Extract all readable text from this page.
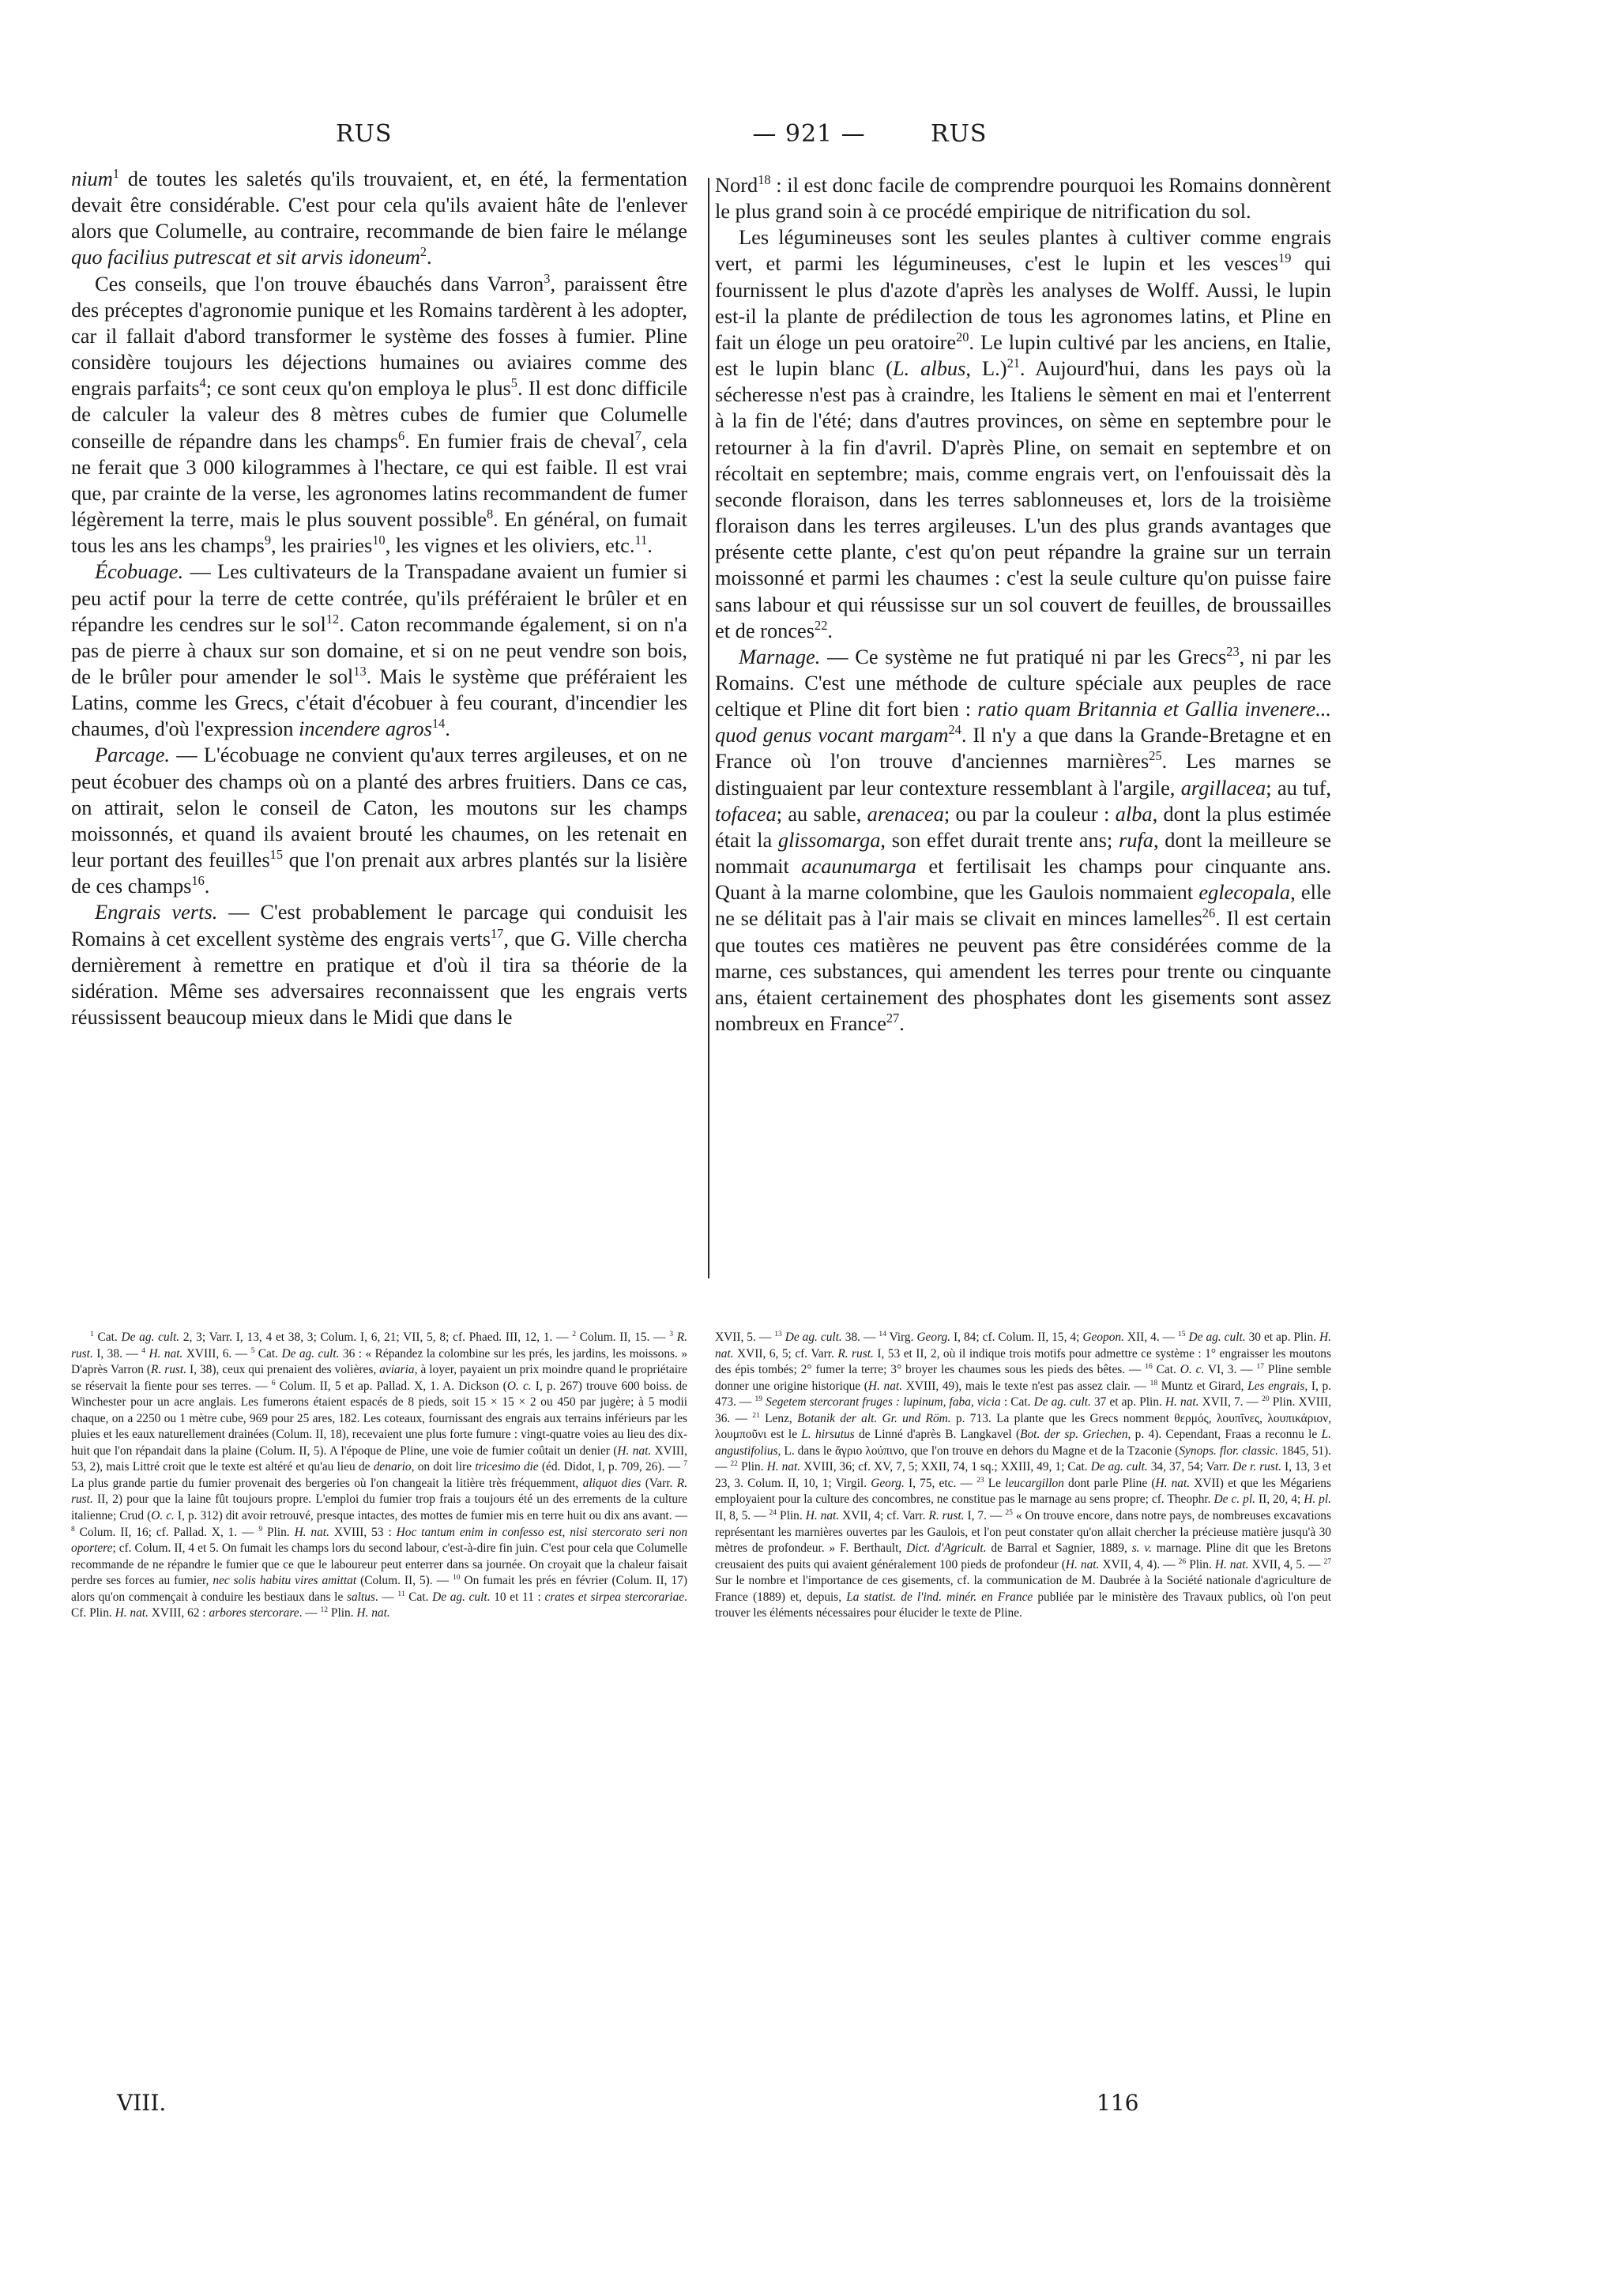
RUS	— 921 —	RUS

nium$^1$ de toutes les saletés qu'ils trouvaient, et, en été, la fermentation devait être considérable. C'est pour cela qu'ils avaient hâte de l'enlever alors que Columelle, au contraire, recommande de bien faire le mélange quo facilius putrescat et sit arvis idoneum$^2$.

Ces conseils, que l'on trouve ébauchés dans Varron$^3$, paraissent être des préceptes d'agronomie punique et les Romains tardèrent à les adopter, car il fallait d'abord transformer le système des fosses à fumier. Pline considère toujours les déjections humaines ou aviaires comme des engrais parfaits$^4$; ce sont ceux qu'on employa le plus$^5$. Il est donc difficile de calculer la valeur des 8 mètres cubes de fumier que Columelle conseille de répandre dans les champs$^6$. En fumier frais de cheval$^7$, cela ne ferait que 3 000 kilogrammes à l'hectare, ce qui est faible. Il est vrai que, par crainte de la verse, les agronomes latins recommandent de fumer légèrement la terre, mais le plus souvent possible$^8$. En général, on fumait tous les ans les champs$^9$, les prairies$^{10}$, les vignes et les oliviers, etc.$^{11}$.

Écobuage. — Les cultivateurs de la Transpadane avaient un fumier si peu actif pour la terre de cette contrée, qu'ils préféraient le brûler et en répandre les cendres sur le sol$^{12}$. Caton recommande également, si on n'a pas de pierre à chaux sur son domaine, et si on ne peut vendre son bois, de le brûler pour amender le sol$^{13}$. Mais le système que préféraient les Latins, comme les Grecs, c'était d'écobuer à feu courant, d'incendier les chaumes, d'où l'expression incendere agros$^{14}$.

Parcage. — L'écobuage ne convient qu'aux terres argileuses, et on ne peut écobuer des champs où on a planté des arbres fruitiers. Dans ce cas, on attirait, selon le conseil de Caton, les moutons sur les champs moissonnés, et quand ils avaient brouté les chaumes, on les retenait en leur portant des feuilles$^{15}$ que l'on prenait aux arbres plantés sur la lisière de ces champs$^{16}$.

Engrais verts. — C'est probablement le parcage qui conduisit les Romains à cet excellent système des engrais verts$^{17}$, que G. Ville chercha dernièrement à remettre en pratique et d'où il tira sa théorie de la sidération. Même ses adversaires reconnaissent que les engrais verts réussissent beaucoup mieux dans le Midi que dans le

Nord$^{18}$ : il est donc facile de comprendre pourquoi les Romains donnèrent le plus grand soin à ce procédé empirique de nitrification du sol.

Les légumineuses sont les seules plantes à cultiver comme engrais vert, et parmi les légumineuses, c'est le lupin et les vesces$^{19}$ qui fournissent le plus d'azote d'après les analyses de Wolff. Aussi, le lupin est-il la plante de prédilection de tous les agronomes latins, et Pline en fait un éloge un peu oratoire$^{20}$. Le lupin cultivé par les anciens, en Italie, est le lupin blanc (L. albus, L.)$^{21}$. Aujourd'hui, dans les pays où la sécheresse n'est pas à craindre, les Italiens le sèment en mai et l'enterrent à la fin de l'été; dans d'autres provinces, on sème en septembre pour le retourner à la fin d'avril. D'après Pline, on semait en septembre et on récoltait en septembre; mais, comme engrais vert, on l'enfouissait dès la seconde floraison, dans les terres sablonneuses et, lors de la troisième floraison dans les terres argileuses. L'un des plus grands avantages que présente cette plante, c'est qu'on peut répandre la graine sur un terrain moissonné et parmi les chaumes : c'est la seule culture qu'on puisse faire sans labour et qui réussisse sur un sol couvert de feuilles, de broussailles et de ronces$^{22}$.

Marnage. — Ce système ne fut pratiqué ni par les Grecs$^{23}$, ni par les Romains. C'est une méthode de culture spéciale aux peuples de race celtique et Pline dit fort bien : ratio quam Britannia et Gallia invenere... quod genus vocant margam$^{24}$. Il n'y a que dans la Grande-Bretagne et en France où l'on trouve d'anciennes marnières$^{25}$. Les marnes se distinguaient par leur contexture ressemblant à l'argile, argillacea; au tuf, tofacea; au sable, arenacea; ou par la couleur : alba, dont la plus estimée était la glissomarga, son effet durait trente ans; rufa, dont la meilleure se nommait acaunumarga et fertilisait les champs pour cinquante ans. Quant à la marne colombine, que les Gaulois nommaient eglecopala, elle ne se délitait pas à l'air mais se clivait en minces lamelles$^{26}$. Il est certain que toutes ces matières ne peuvent pas être considérées comme de la marne, ces substances, qui amendent les terres pour trente ou cinquante ans, étaient certainement des phosphates dont les gisements sont assez nombreux en France$^{27}$.

$^1$ Cat. De ag. cult. 2, 3; Varr. I, 13, 4 et 38, 3; Colum. I, 6, 21; VII, 5, 8; cf. Phaed. III, 12, 1. — $^2$ Colum. II, 15. — $^3$ R. rust. I, 38. — $^4$ H. nat. XVIII, 6. — $^5$ Cat. De ag. cult. 36 : « Répandez la colombine sur les prés, les jardins, les moissons. » D'après Varron (R. rust. I, 38), ceux qui prenaient des volières, aviaria, à loyer, payaient un prix moindre quand le propriétaire se réservait la fiente pour ses terres. — $^6$ Colum. II, 5 et ap. Pallad. X, 1. A. Dickson (O. c. I, p. 267) trouve 600 boiss. de Winchester pour un acre anglais. Les fumerons étaient espacés de 8 pieds, soit 15 × 15 × 2 ou 450 par jugère; à 5 modii chaque, on a 2250 ou 1 mètre cube, 969 pour 25 ares, 182. Les coteaux, fournissant des engrais aux terrains inférieurs par les pluies et les eaux naturellement drainées (Colum. II, 18), recevaient une plus forte fumure : vingt-quatre voies au lieu des dix-huit que l'on répandait dans la plaine (Colum. II, 5). A l'époque de Pline, une voie de fumier coûtait un denier (H. nat. XVIII, 53, 2), mais Littré croit que le texte est altéré et qu'au lieu de denario, on doit lire tricesimo die (éd. Didot, I, p. 709, 26). — $^7$ La plus grande partie du fumier provenait des bergeries où l'on changeait la litière très fréquemment, aliquot dies (Varr. R. rust. II, 2) pour que la laine fût toujours propre. L'emploi du fumier trop frais a toujours été un des errements de la culture italienne; Crud (O. c. I, p. 312) dit avoir retrouvé, presque intactes, des mottes de fumier mis en terre huit ou dix ans avant. — $^8$ Colum. II, 16; cf. Pallad. X, 1. — $^9$ Plin. H. nat. XVIII, 53 : Hoc tantum enim in confesso est, nisi stercorato seri non oportere; cf. Colum. II, 4 et 5. On fumait les champs lors du second labour, c'est-à-dire fin juin. C'est pour cela que Columelle recommande de ne répandre le fumier que ce que le laboureur peut enterrer dans sa journée. On croyait que la chaleur faisait perdre ses forces au fumier, nec solis habitu vires amittat (Colum. II, 5). — $^{10}$ On fumait les prés en février (Colum. II, 17) alors qu'on commençait à conduire les bestiaux dans le saltus. — $^{11}$ Cat. De ag. cult. 10 et 11 : crates et sirpea stercorariae. Cf. Plin. H. nat. XVIII, 62 : arbores stercorare. — $^{12}$ Plin. H. nat.

XVII, 5. — $^{13}$ De ag. cult. 38. — $^{14}$ Virg. Georg. I, 84; cf. Colum. II, 15, 4; Geopon. XII, 4. — $^{15}$ De ag. cult. 30 et ap. Plin. H. nat. XVII, 6, 5; cf. Varr. R. rust. I, 53 et II, 2, où il indique trois motifs pour admettre ce système : 1° engraisser les moutons des épis tombés; 2° fumer la terre; 3° broyer les chaumes sous les pieds des bêtes. — $^{16}$ Cat. O. c. VI, 3. — $^{17}$ Pline semble donner une origine historique (H. nat. XVIII, 49), mais le texte n'est pas assez clair. — $^{18}$ Muntz et Girard, Les engrais, I, p. 473. — $^{19}$ Segetem stercorant fruges : lupinum, faba, vicia : Cat. De ag. cult. 37 et ap. Plin. H. nat. XVII, 7. — $^{20}$ Plin. XVIII, 36. — $^{21}$ Lenz, Botanik der alt. Gr. und Röm. p. 713. La plante que les Grecs nomment θερμός, λουπῖνες, λουπικάριον, λουμποῦνι est le L. hirsutus de Linné d'après B. Langkavel (Bot. der sp. Griechen, p. 4). Cependant, Fraas a reconnu le L. angustifolius, L. dans le ἄγριο λούπινο, que l'on trouve en dehors du Magne et de la Tzaconie (Synops. flor. classic. 1845, 51). — $^{22}$ Plin. H. nat. XVIII, 36; cf. XV, 7, 5; XXII, 74, 1 sq.; XXIII, 49, 1; Cat. De ag. cult. 34, 37, 54; Varr. De r. rust. I, 13, 3 et 23, 3. Colum. II, 10, 1; Virgil. Georg. I, 75, etc. — $^{23}$ Le leucargillon dont parle Pline (H. nat. XVII) et que les Mégariens employaient pour la culture des concombres, ne constitue pas le marnage au sens propre; cf. Theophr. De c. pl. II, 20, 4; H. pl. II, 8, 5. — $^{24}$ Plin. H. nat. XVII, 4; cf. Varr. R. rust. I, 7. — $^{25}$ « On trouve encore, dans notre pays, de nombreuses excavations représentant les marnières ouvertes par les Gaulois, et l'on peut constater qu'on allait chercher la précieuse matière jusqu'à 30 mètres de profondeur. » F. Berthault, Dict. d'Agricult. de Barral et Sagnier, 1889, s. v. marnage. Pline dit que les Bretons creusaient des puits qui avaient généralement 100 pieds de profondeur (H. nat. XVII, 4, 4). — $^{26}$ Plin. H. nat. XVII, 4, 5. — $^{27}$ Sur le nombre et l'importance de ces gisements, cf. la communication de M. Daubrée à la Société nationale d'agriculture de France (1889) et, depuis, La statist. de l'ind. minér. en France publiée par le ministère des Travaux publics, où l'on peut trouver les éléments nécessaires pour élucider le texte de Pline.

VIII.	116
